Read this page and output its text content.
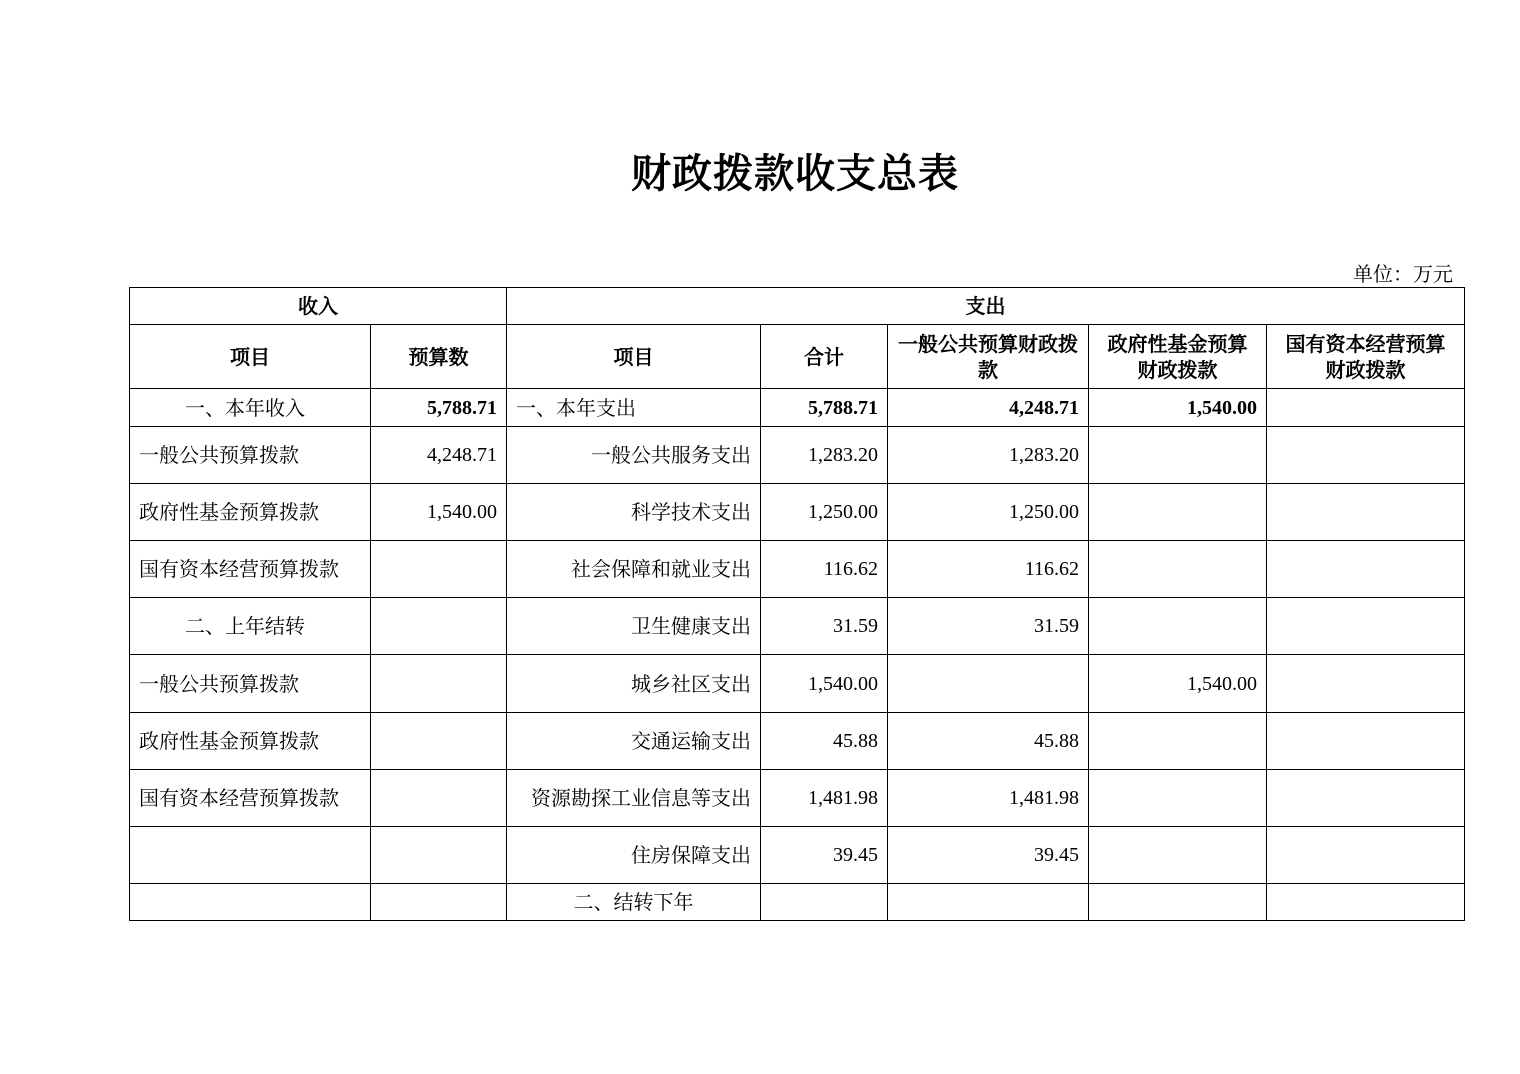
财政拨款收支总表
单位：万元
收入		支出				
项目	预算数	项目	合计	一般公共预算财政拨款	政府性基金预算财政拨款	国有资本经营预算财政拨款
一、本年收入	5,788.71	一、本年支出	5,788.71	4,248.71	1,540.00	
一般公共预算拨款	4,248.71	一般公共服务支出	1,283.20	1,283.20		
政府性基金预算拨款	1,540.00	科学技术支出	1,250.00	1,250.00		
国有资本经营预算拨款		社会保障和就业支出	116.62	116.62		
二、上年结转		卫生健康支出	31.59	31.59		
一般公共预算拨款		城乡社区支出	1,540.00		1,540.00	
政府性基金预算拨款		交通运输支出	45.88	45.88		
国有资本经营预算拨款		资源勘探工业信息等支出	1,481.98	1,481.98		
		住房保障支出	39.45	39.45		
		二、结转下年				
